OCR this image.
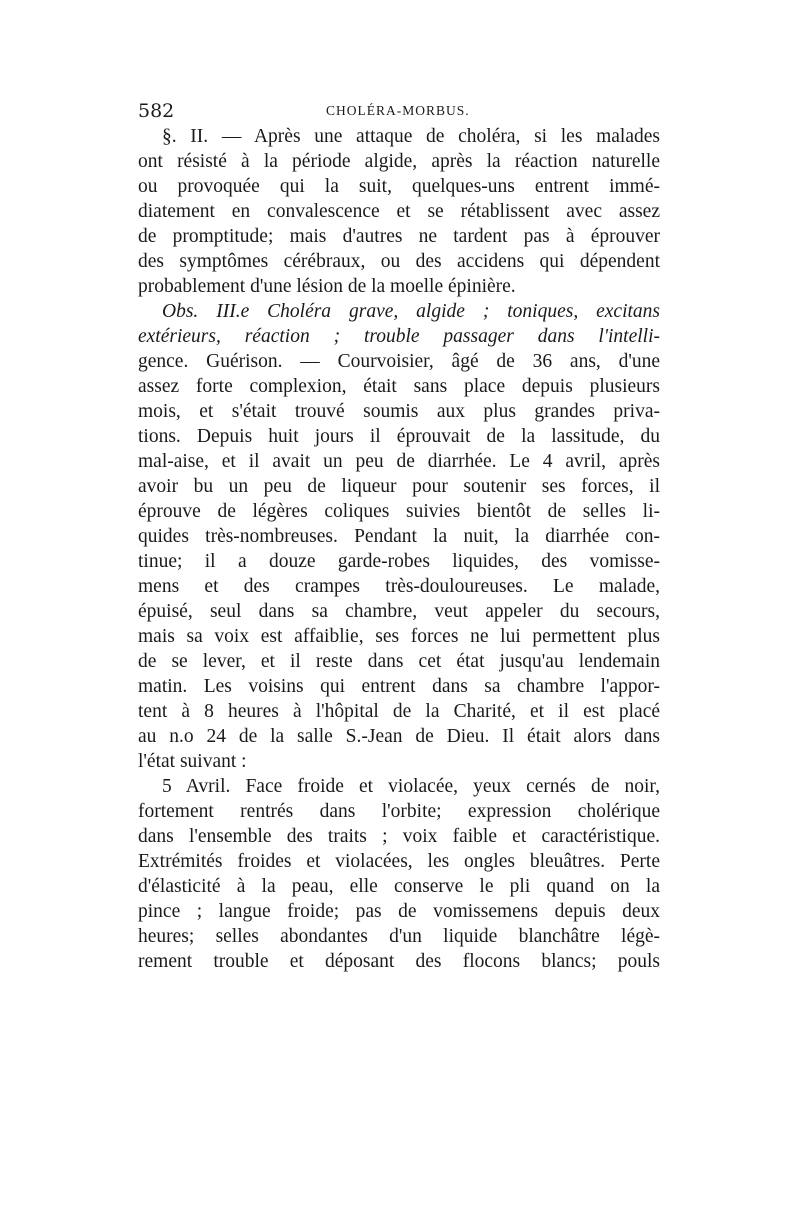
582	CHOLÉRA-MORBUS.
§. II. — Après une attaque de choléra, si les malades
ont résisté à la période algide, après la réaction naturelle
ou provoquée qui la suit, quelques-uns entrent immé-
diatement en convalescence et se rétablissent avec assez
de promptitude; mais d'autres ne tardent pas à éprouver
des symptômes cérébraux, ou des accidens qui dépendent
probablement d'une lésion de la moelle épinière.
Obs. III.e Choléra grave, algide ; toniques, excitans
extérieurs, réaction ; trouble passager dans l'intelli-
gence. Guérison. — Courvoisier, âgé de 36 ans, d'une
assez forte complexion, était sans place depuis plusieurs
mois, et s'était trouvé soumis aux plus grandes priva-
tions. Depuis huit jours il éprouvait de la lassitude, du
mal-aise, et il avait un peu de diarrhée. Le 4 avril, après
avoir bu un peu de liqueur pour soutenir ses forces, il
éprouve de légères coliques suivies bientôt de selles li-
quides très-nombreuses. Pendant la nuit, la diarrhée con-
tinue; il a douze garde-robes liquides, des vomisse-
mens et des crampes très-douloureuses. Le malade,
épuisé, seul dans sa chambre, veut appeler du secours,
mais sa voix est affaiblie, ses forces ne lui permettent plus
de se lever, et il reste dans cet état jusqu'au lendemain
matin. Les voisins qui entrent dans sa chambre l'appor-
tent à 8 heures à l'hôpital de la Charité, et il est placé
au n.o 24 de la salle S.-Jean de Dieu. Il était alors dans
l'état suivant :
5 Avril. Face froide et violacée, yeux cernés de noir,
fortement rentrés dans l'orbite; expression cholérique
dans l'ensemble des traits ; voix faible et caractéristique.
Extrémités froides et violacées, les ongles bleuâtres. Perte
d'élasticité à la peau, elle conserve le pli quand on la
pince ; langue froide; pas de vomissemens depuis deux
heures; selles abondantes d'un liquide blanchâtre légè-
rement trouble et déposant des flocons blancs; pouls
